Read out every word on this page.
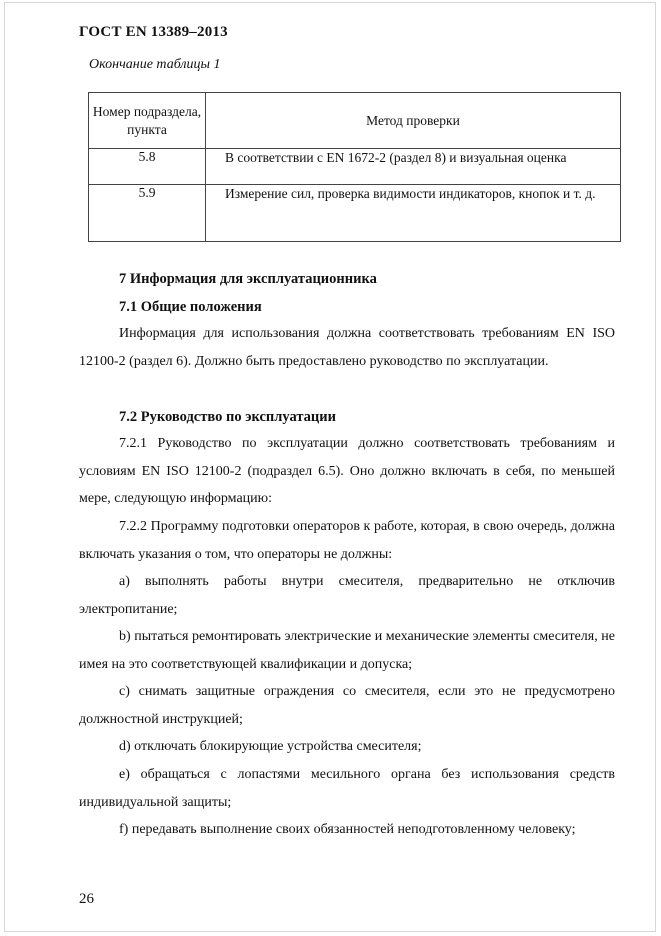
ГОСТ EN 13389–2013
Окончание таблицы 1
Номер подраздела, пункта	Метод проверки
5.8	В соответствии с EN 1672-2 (раздел 8) и визуальная оценка
5.9	Измерение сил, проверка видимости индикаторов, кнопок и т. д.
7 Информация для эксплуатационника
7.1 Общие положения
Информация для использования должна соответствовать требованиям EN ISO 12100-2 (раздел 6). Должно быть предоставлено руководство по эксплуатации.
7.2 Руководство по эксплуатации
7.2.1 Руководство по эксплуатации должно соответствовать требованиям и условиям EN ISO 12100-2 (подраздел 6.5). Оно должно включать в себя, по меньшей мере, следующую информацию:
7.2.2 Программу подготовки операторов к работе, которая, в свою очередь, должна включать указания о том, что операторы не должны:
a) выполнять работы внутри смесителя, предварительно не отключив электропитание;
b) пытаться ремонтировать электрические и механические элементы смесителя, не имея на это соответствующей квалификации и допуска;
c) снимать защитные ограждения со смесителя, если это не предусмотрено должностной инструкцией;
d) отключать блокирующие устройства смесителя;
e) обращаться с лопастями месильного органа без использования средств индивидуальной защиты;
f) передавать выполнение своих обязанностей неподготовленному человеку;
26
